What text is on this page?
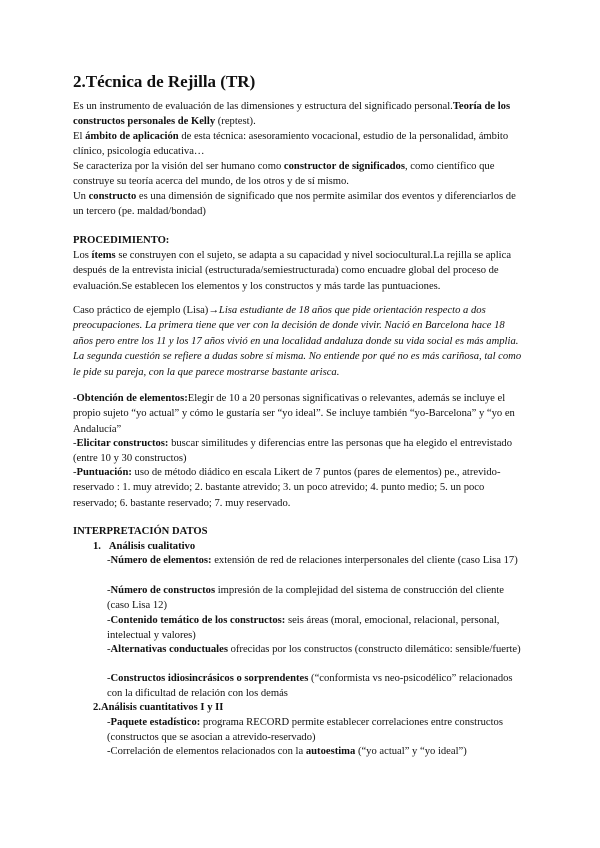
2.Técnica de Rejilla (TR)

Es un instrumento de evaluación de las dimensiones y estructura del significado personal.Teoría de los constructos personales de Kelly (reptest).

El ámbito de aplicación de esta técnica: asesoramiento vocacional, estudio de la personalidad, ámbito clínico, psicología educativa…

Se caracteriza por la visión del ser humano como constructor de significados, como científico que construye su teoría acerca del mundo, de los otros y de sí mismo.

Un constructo es una dimensión de significado que nos permite asimilar dos eventos y diferenciarlos de un tercero (pe. maldad/bondad)

PROCEDIMIENTO:

Los ítems se construyen con el sujeto, se adapta a su capacidad y nivel sociocultural.La rejilla se aplica después de la entrevista inicial (estructurada/semiestructurada) como encuadre global del proceso de evaluación.Se establecen los elementos y los constructos y más tarde las puntuaciones.

Caso práctico de ejemplo (Lisa)→Lisa estudiante de 18 años que pide orientación respecto a dos preocupaciones. La primera tiene que ver con la decisión de donde vivir. Nació en Barcelona hace 18 años pero entre los 11 y los 17 años vivió en una localidad andaluza donde su vida social es más amplia. La segunda cuestión se refiere a dudas sobre sí misma. No entiende por qué no es más cariñosa, tal como le pide su pareja, con la que parece mostrarse bastante arisca.

-Obtención de elementos:Elegir de 10 a 20 personas significativas o relevantes, además se incluye el propio sujeto “yo actual” y cómo le gustaría ser “yo ideal”. Se incluye también “yo-Barcelona” y “yo en Andalucía”

-Elicitar constructos: buscar similitudes y diferencias entre las personas que ha elegido el entrevistado (entre 10 y 30 constructos)

-Puntuación: uso de método diádico en escala Likert de 7 puntos (pares de elementos) pe., atrevido-reservado : 1. muy atrevido; 2. bastante atrevido; 3. un poco atrevido; 4. punto medio; 5. un poco reservado; 6. bastante reservado; 7. muy reservado.

INTERPRETACIÓN DATOS

1. Análisis cualitativo

-Número de elementos: extensión de red de relaciones interpersonales del cliente (caso Lisa 17)

-Número de constructos impresión de la complejidad del sistema de construcción del cliente (caso Lisa 12)

-Contenido temático de los constructos: seis áreas (moral, emocional, relacional, personal, intelectual y valores)

-Alternativas conductuales ofrecidas por los constructos (constructo dilemático: sensible/fuerte)

-Constructos idiosincrásicos o sorprendentes (“conformista vs neo-psicodélico” relacionados con la dificultad de relación con los demás

2.Análisis cuantitativos I y II

-Paquete estadístico: programa RECORD permite establecer correlaciones entre constructos (constructos que se asocian a atrevido-reservado)

-Correlación de elementos relacionados con la autoestima (“yo actual” y “yo ideal”)
